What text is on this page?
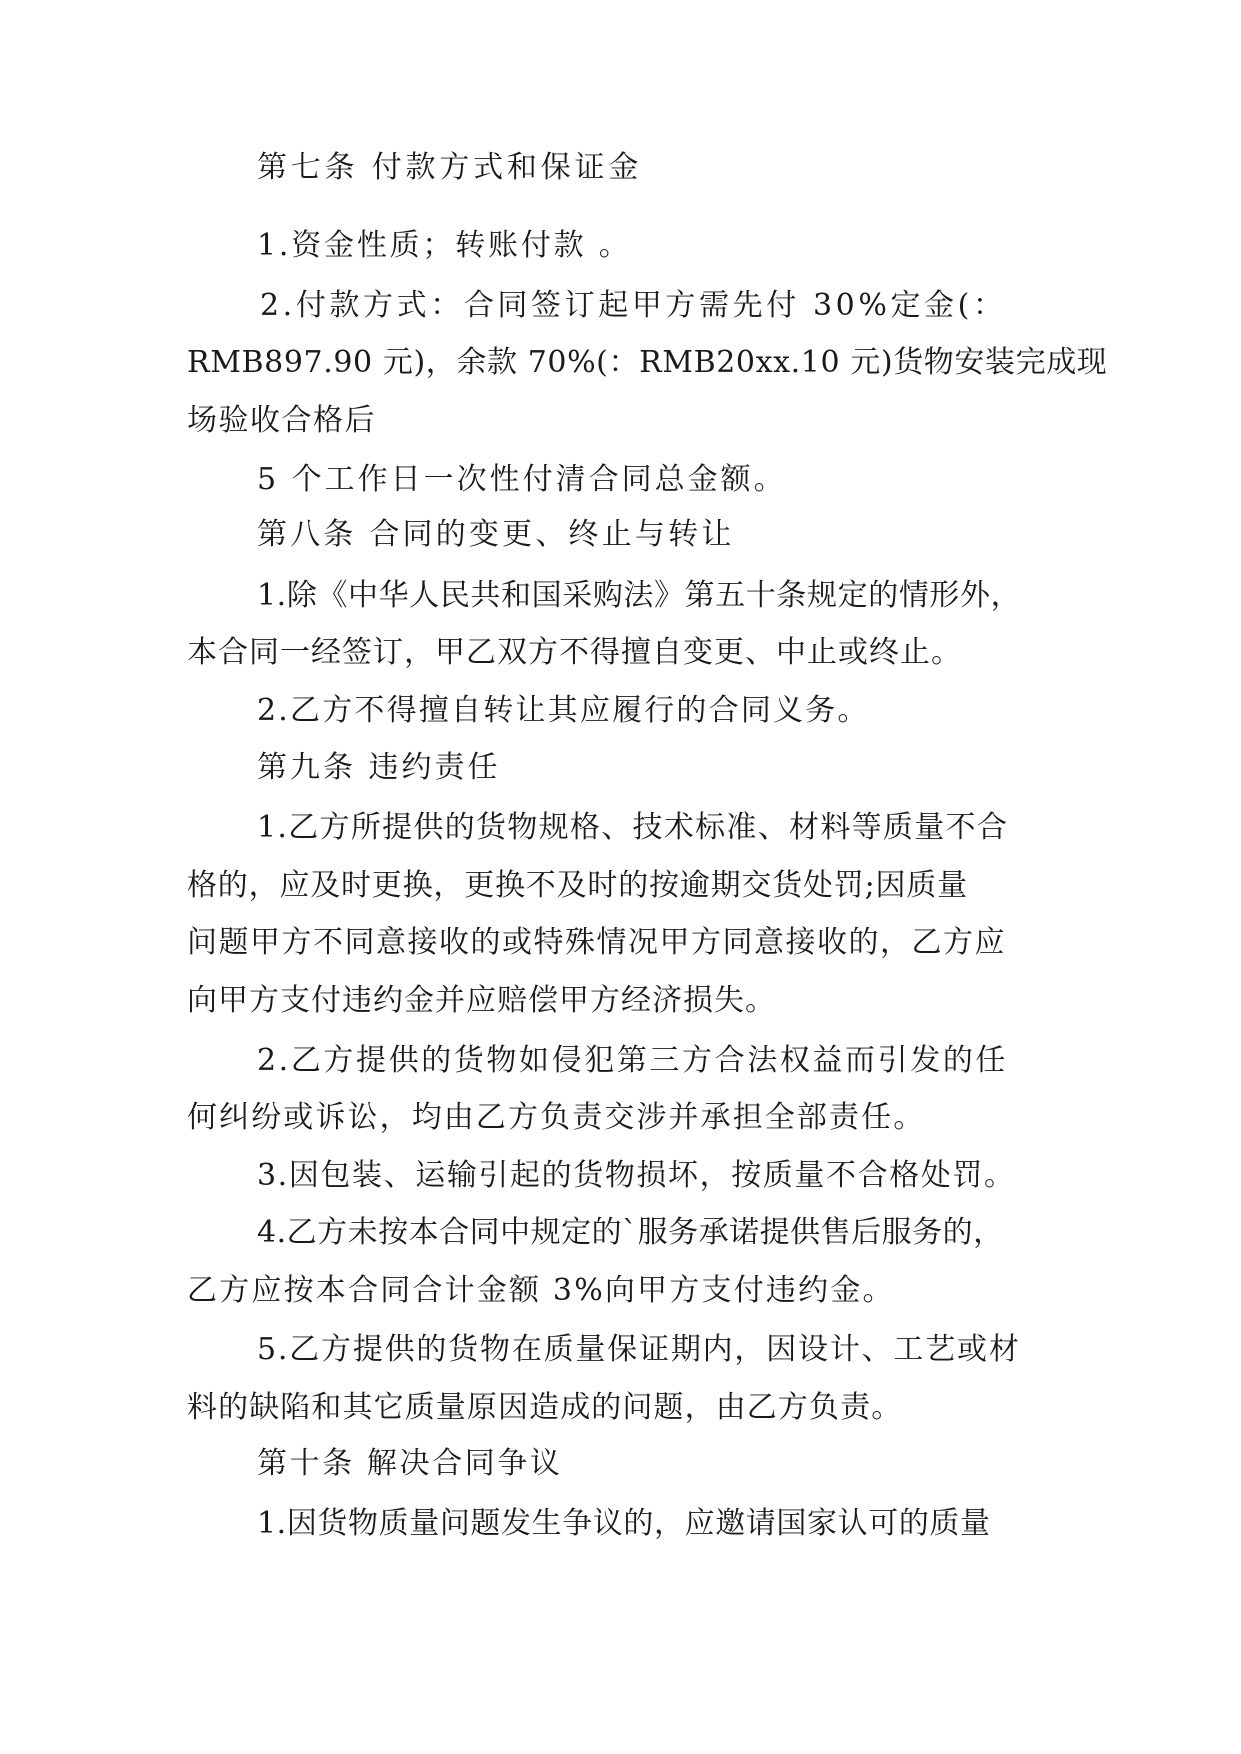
第七条 付款方式和保证金
1.资金性质；转账付款 。
2.付款方式：合同签订起甲方需先付 30%定金(：
RMB897.90 元)，余款 70%(：RMB20xx.10 元)货物安装完成现
场验收合格后
5 个工作日一次性付清合同总金额。
第八条 合同的变更、终止与转让
1.除《中华人民共和国采购法》第五十条规定的情形外，
本合同一经签订，甲乙双方不得擅自变更、中止或终止。
2.乙方不得擅自转让其应履行的合同义务。
第九条 违约责任
1.乙方所提供的货物规格、技术标准、材料等质量不合
格的，应及时更换，更换不及时的按逾期交货处罚;因质量
问题甲方不同意接收的或特殊情况甲方同意接收的，乙方应
向甲方支付违约金并应赔偿甲方经济损失。
2.乙方提供的货物如侵犯第三方合法权益而引发的任
何纠纷或诉讼，均由乙方负责交涉并承担全部责任。
3.因包装、运输引起的货物损坏，按质量不合格处罚。
4.乙方未按本合同中规定的`服务承诺提供售后服务的，
乙方应按本合同合计金额 3%向甲方支付违约金。
5.乙方提供的货物在质量保证期内，因设计、工艺或材
料的缺陷和其它质量原因造成的问题，由乙方负责。
第十条 解决合同争议
1.因货物质量问题发生争议的，应邀请国家认可的质量
